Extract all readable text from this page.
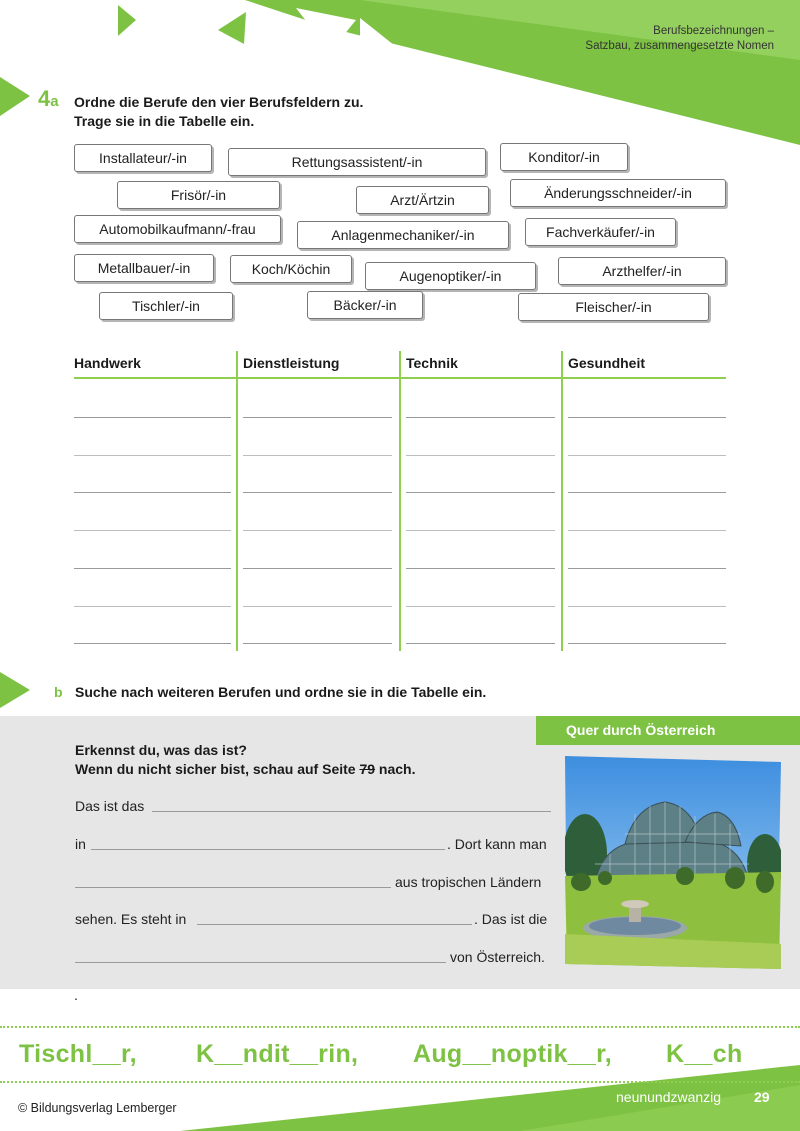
Berufsbezeichnungen –
Satzbau, zusammengesetzte Nomen
4a Ordne die Berufe den vier Berufsfeldern zu.
Trage sie in die Tabelle ein.
Installateur/-in	Rettungsassistent/-in	Konditor/-in
Frisör/-in	Arzt/Ärtzin	Änderungsschneider/-in
Automobilkaufmann/-frau	Anlagenmechaniker/-in	Fachverkäufer/-in
Metallbauer/-in	Koch/Köchin	Augenoptiker/-in	Arzthelfer/-in
Tischler/-in	Bäcker/-in	Fleischer/-in
Handwerk	Dienstleistung	Technik	Gesundheit
b Suche nach weiteren Berufen und ordne sie in die Tabelle ein.
Quer durch Österreich
Erkennst du, was das ist?
Wenn du nicht sicher bist, schau auf Seite 79 nach.
Das ist das
in	. Dort kann man
aus tropischen Ländern
sehen. Es steht in	. Das ist die
von Österreich.
.
Tischl__r, K__ndit__rin, Aug__noptik__r, K__ch
© Bildungsverlag Lemberger
neunundzwanzig 29
